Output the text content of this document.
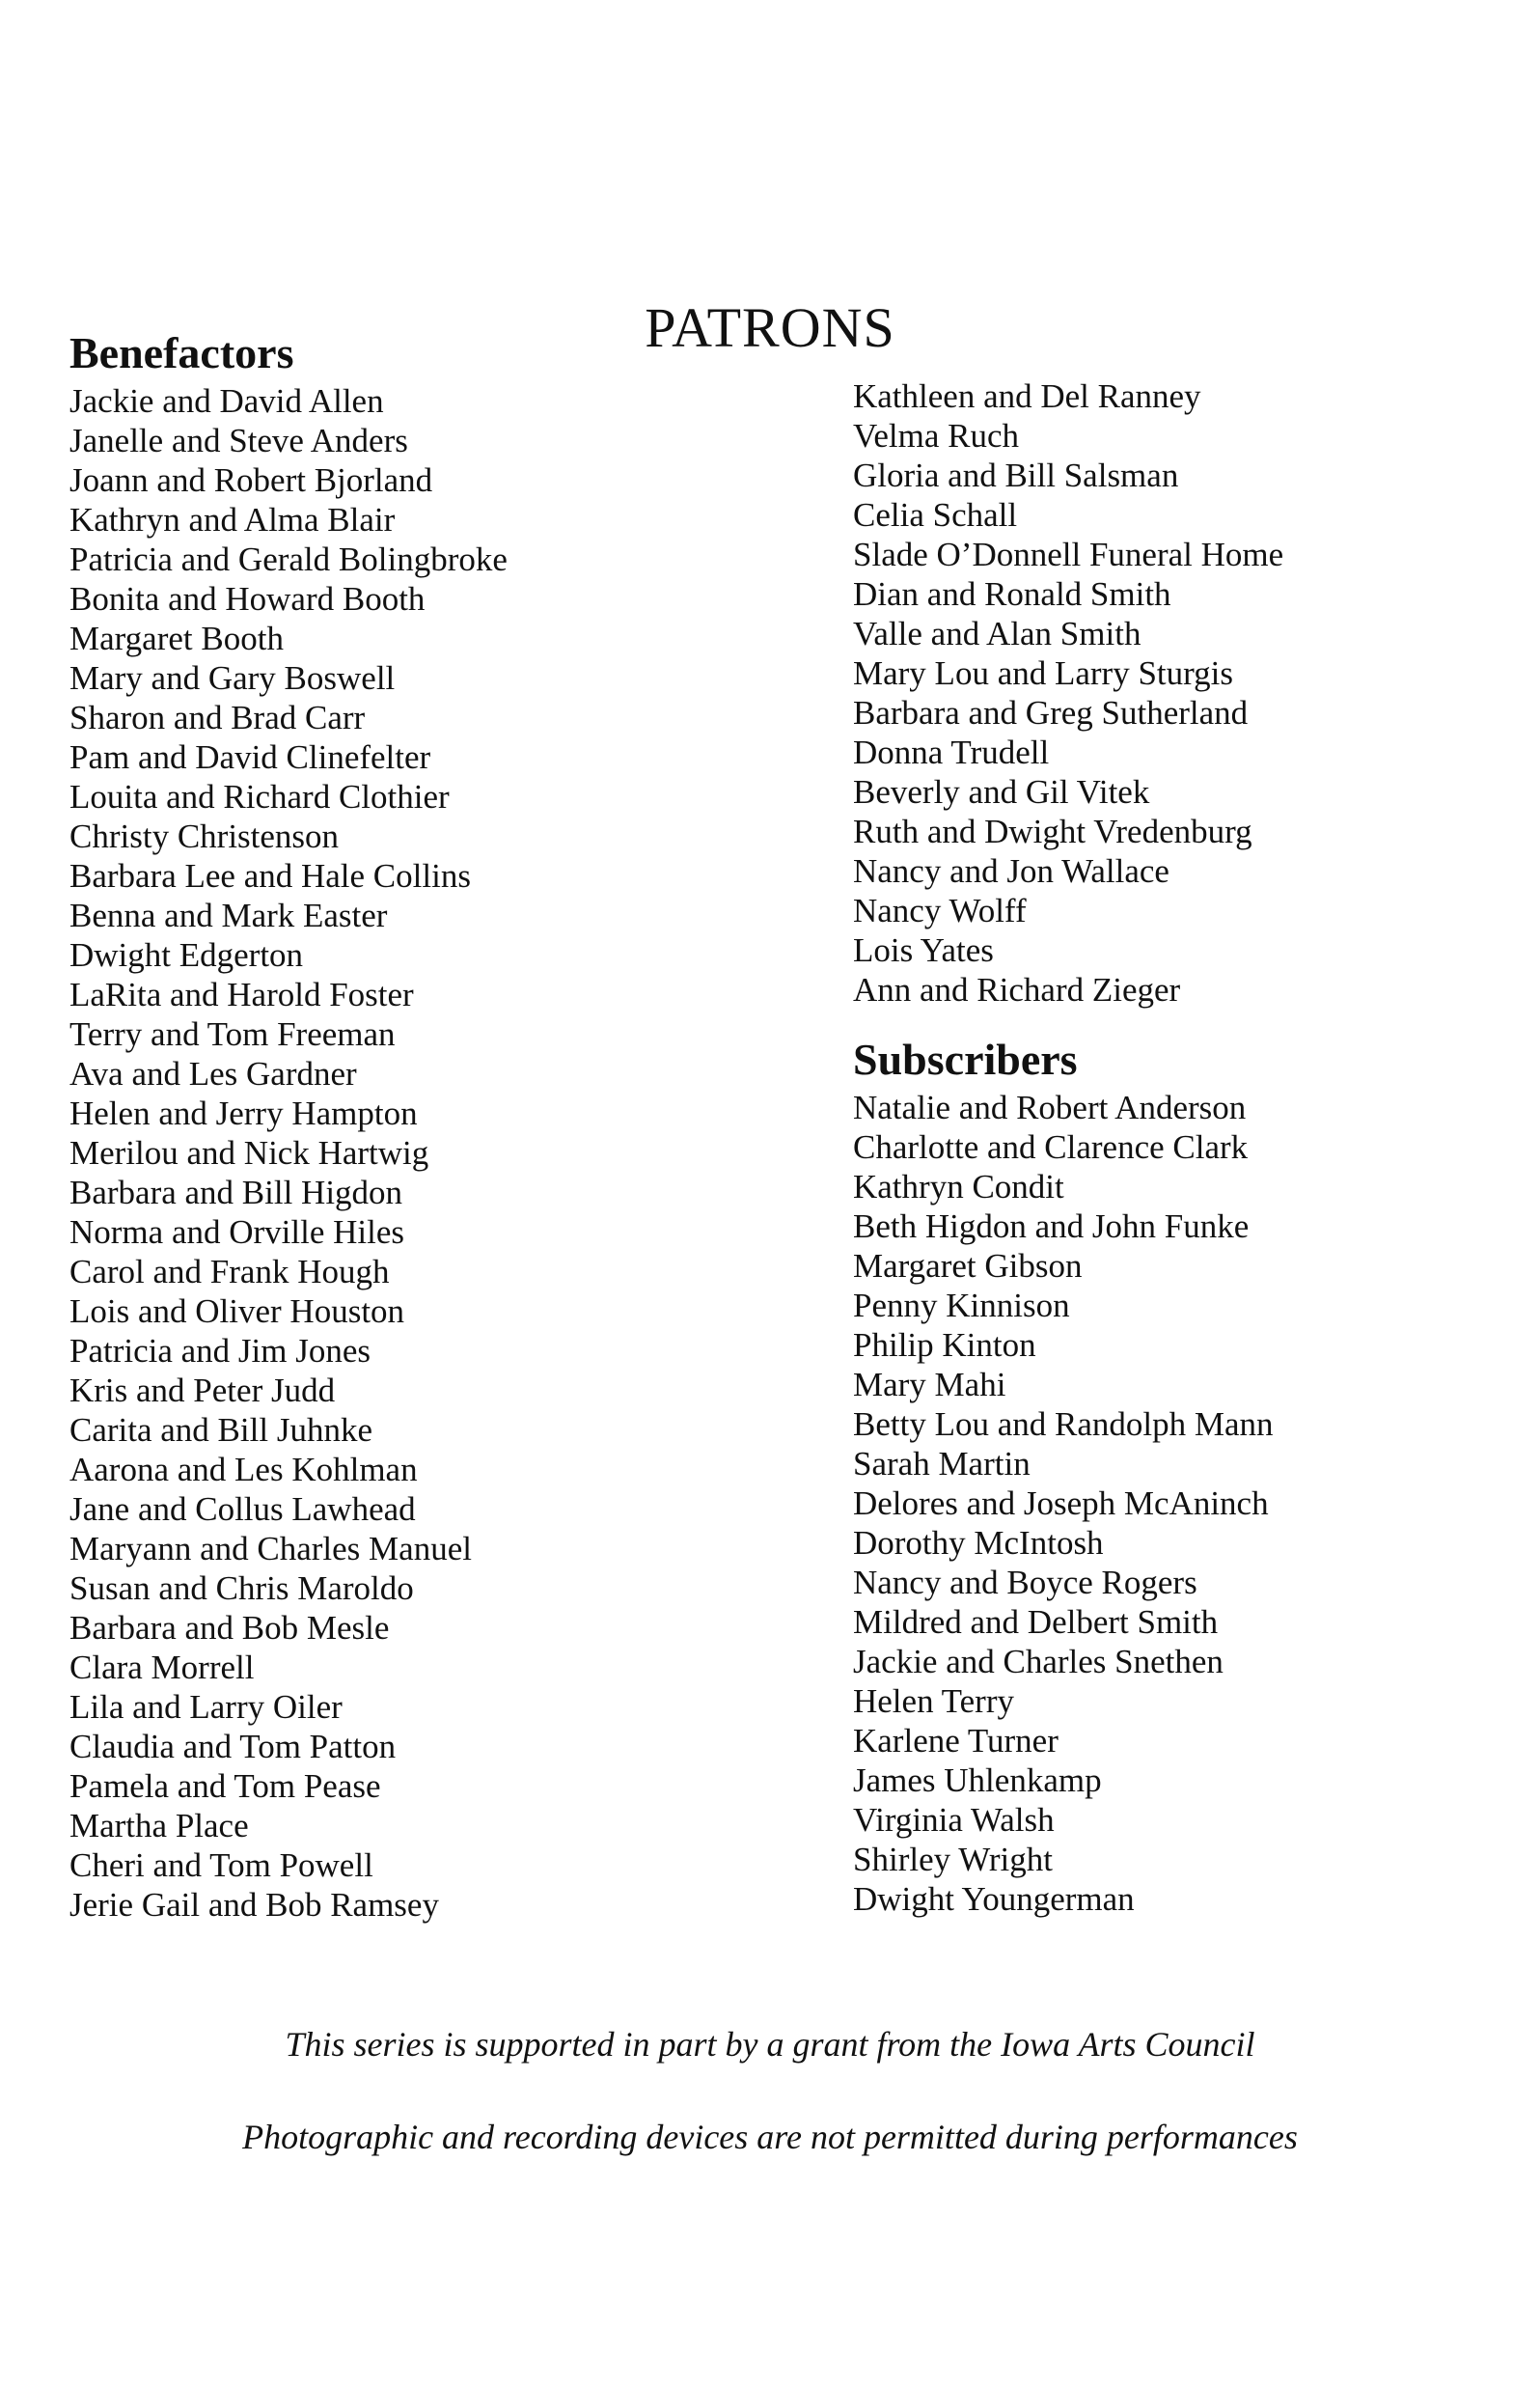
PATRONS
Benefactors
Jackie and David Allen
Janelle and Steve Anders
Joann and Robert Bjorland
Kathryn and Alma Blair
Patricia and Gerald Bolingbroke
Bonita and Howard Booth
Margaret Booth
Mary and Gary Boswell
Sharon and Brad Carr
Pam and David Clinefelter
Louita and Richard Clothier
Christy Christenson
Barbara Lee and Hale Collins
Benna and Mark Easter
Dwight Edgerton
LaRita and Harold Foster
Terry and Tom Freeman
Ava and Les Gardner
Helen and Jerry Hampton
Merilou and Nick Hartwig
Barbara and Bill Higdon
Norma and Orville Hiles
Carol and Frank Hough
Lois and Oliver Houston
Patricia and Jim Jones
Kris and Peter Judd
Carita and Bill Juhnke
Aarona and Les Kohlman
Jane and Collus Lawhead
Maryann and Charles Manuel
Susan and Chris Maroldo
Barbara and Bob Mesle
Clara Morrell
Lila and Larry Oiler
Claudia and Tom Patton
Pamela and Tom Pease
Martha Place
Cheri and Tom Powell
Jerie Gail and Bob Ramsey
Kathleen and Del Ranney
Velma Ruch
Gloria and Bill Salsman
Celia Schall
Slade O’Donnell Funeral Home
Dian and Ronald Smith
Valle and Alan Smith
Mary Lou and Larry Sturgis
Barbara and Greg Sutherland
Donna Trudell
Beverly and Gil Vitek
Ruth and Dwight Vredenburg
Nancy and Jon Wallace
Nancy Wolff
Lois Yates
Ann and Richard Zieger
Subscribers
Natalie and Robert Anderson
Charlotte and Clarence Clark
Kathryn Condit
Beth Higdon and John Funke
Margaret Gibson
Penny Kinnison
Philip Kinton
Mary Mahi
Betty Lou and Randolph Mann
Sarah Martin
Delores and Joseph McAninch
Dorothy McIntosh
Nancy and Boyce Rogers
Mildred and Delbert Smith
Jackie and Charles Snethen
Helen Terry
Karlene Turner
James Uhlenkamp
Virginia Walsh
Shirley Wright
Dwight Youngerman
This series is supported in part by a grant from the Iowa Arts Council
Photographic and recording devices are not permitted during performances
